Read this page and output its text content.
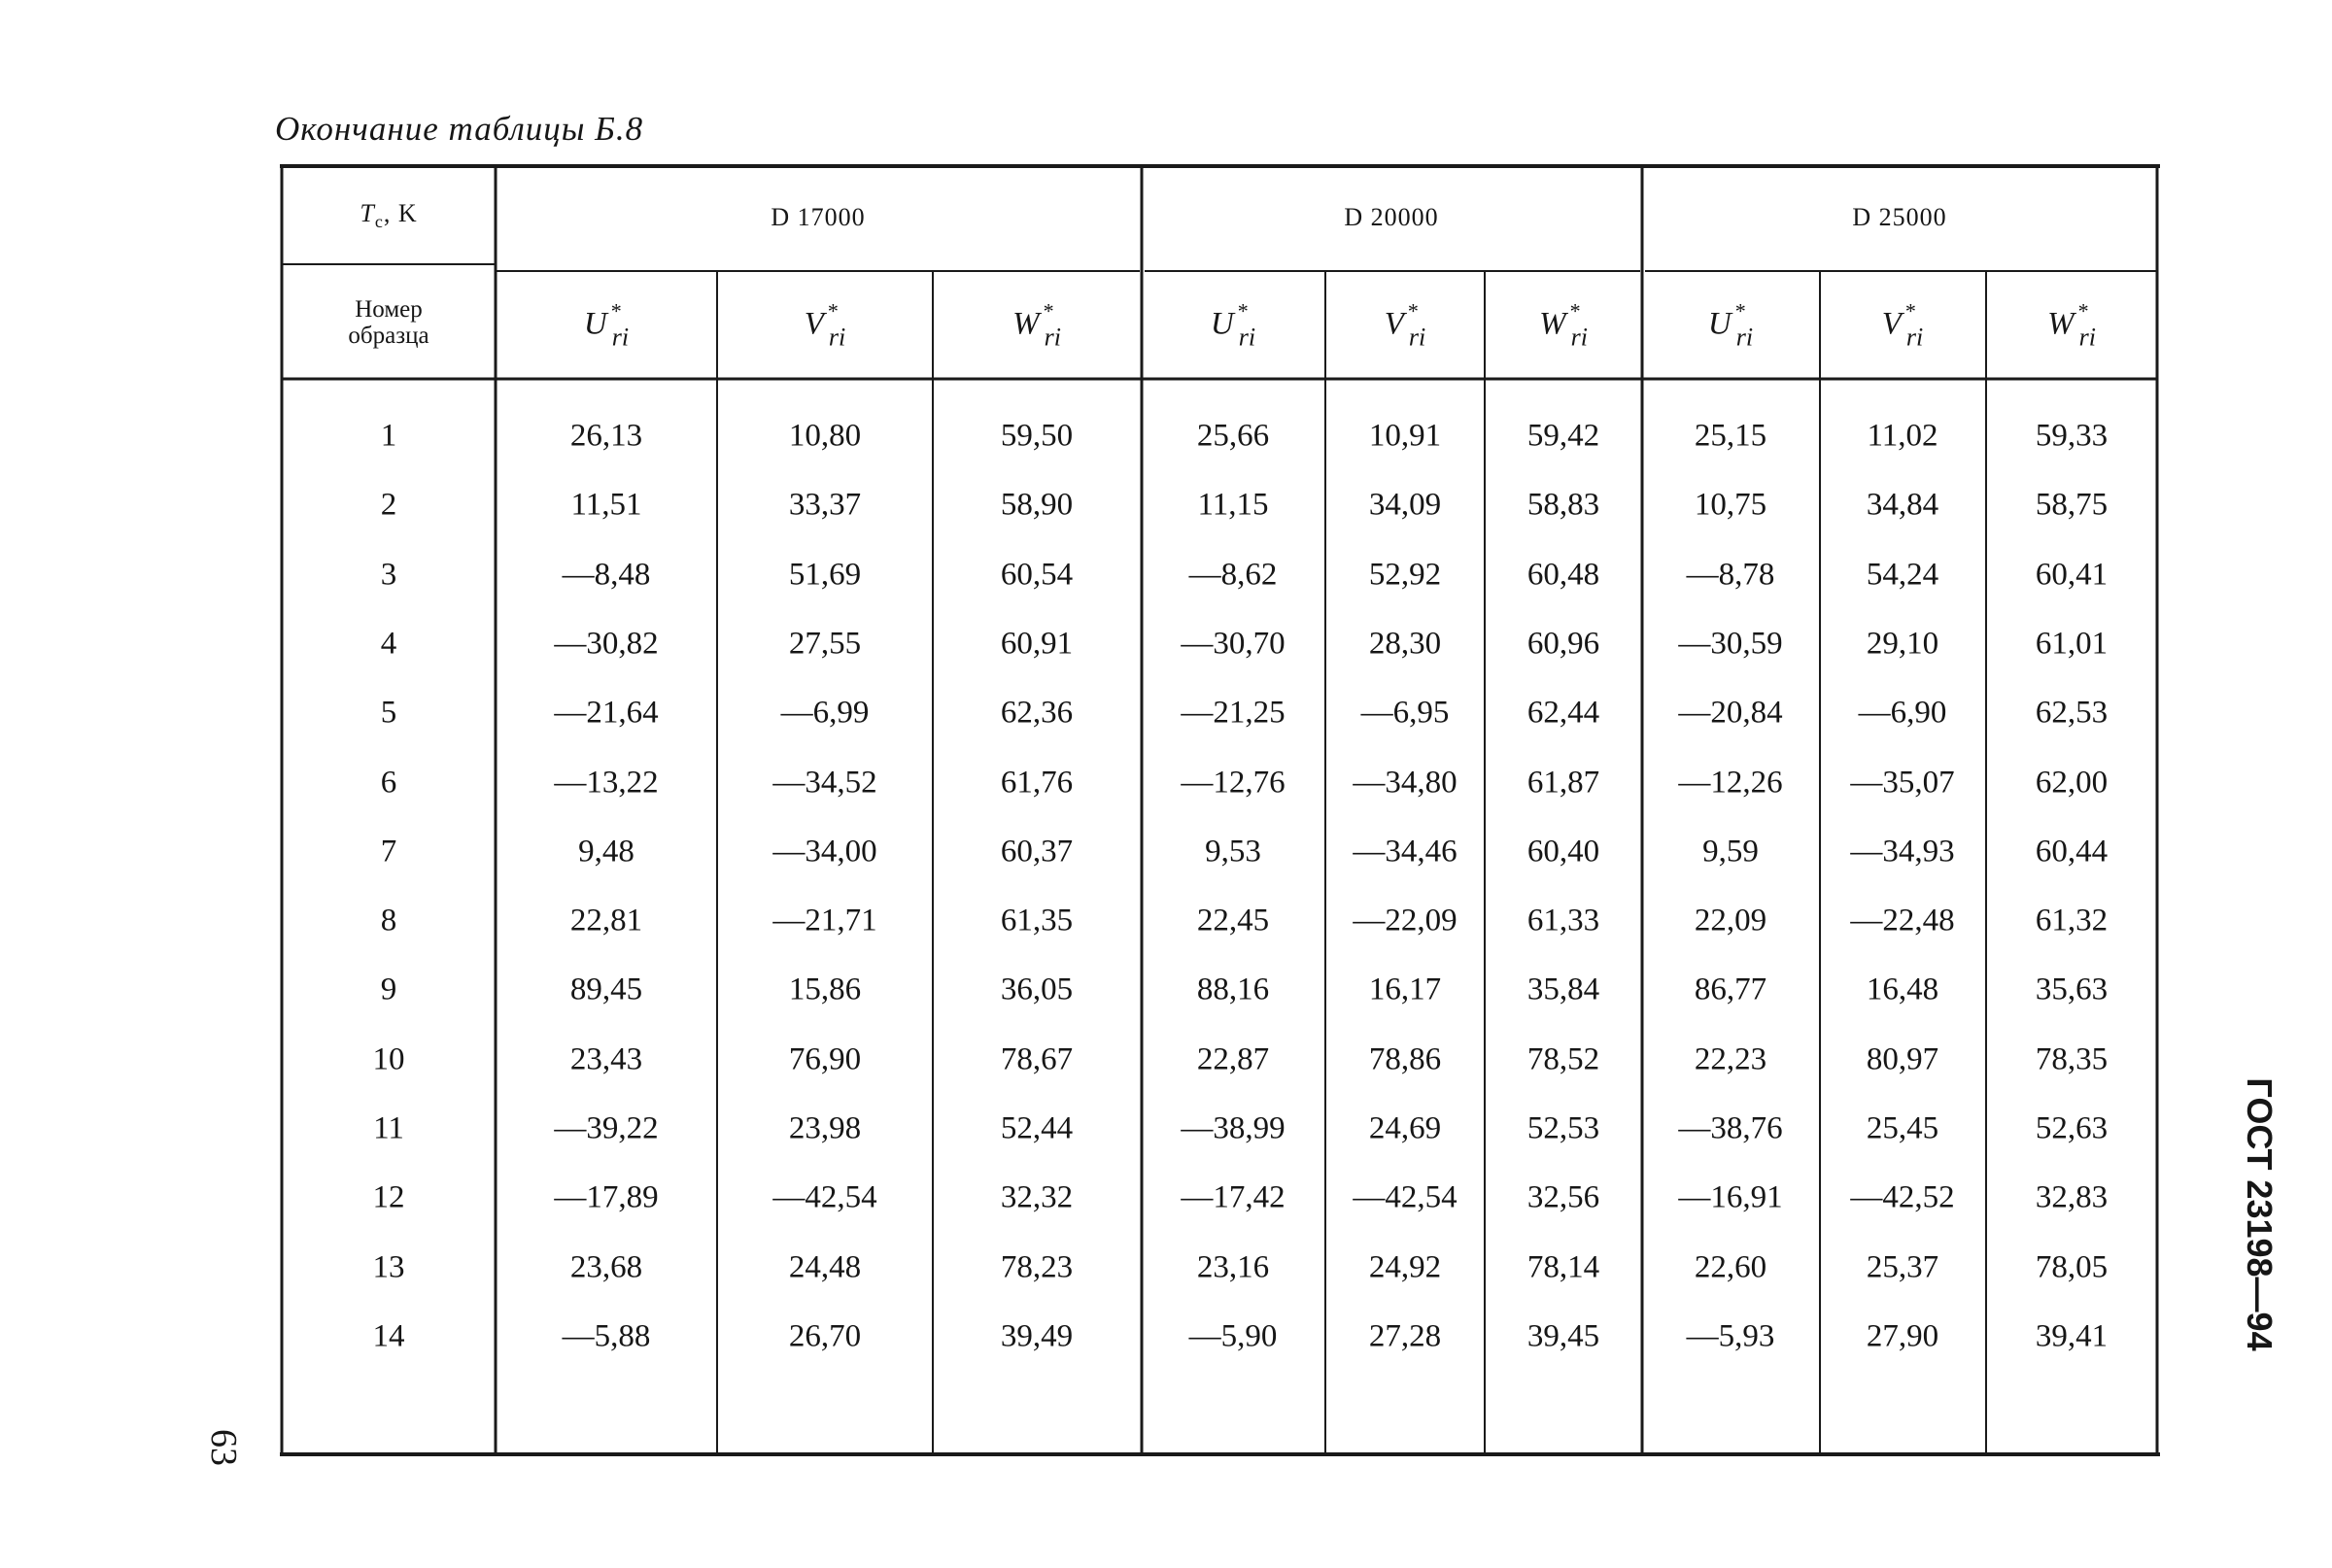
Окончание таблицы Б.8
$T_c$, K
Номер образца
D 17000	D 20000	D 25000
U *$_{ri}$	V *$_{ri}$	W *$_{ri}$	U *$_{ri}$	V *$_{ri}$	W *$_{ri}$	U *$_{ri}$	V *$_{ri}$	W *$_{ri}$
1	26,13	10,80	59,50	25,66	10,91	59,42	25,15	11,02	59,33
2	11,51	33,37	58,90	11,15	34,09	58,83	10,75	34,84	58,75
3	—8,48	51,69	60,54	—8,62	52,92	60,48	—8,78	54,24	60,41
4	—30,82	27,55	60,91	—30,70	28,30	60,96 —30,59	29,10	61,01
5	—21,64	—6,99	62,36	—21,25 —6,95 62,44 —20,84 —6,90	62,53
6	—13,22	—34,52	61,76	—12,76 —34,80 61,87 —12,26 —35,07	62,00
7	9,48	—34,00	60,37	9,53	—34,46 60,40	9,59	—34,93	60,44
8	22,81	—21,71	61,35	22,45	—22,09 61,33	22,09	—22,48	61,32
9	89,45	15,86	36,05	88,16	16,17	35,84	86,77	16,48	35,63
10	23,43	76,90	78,67	22,87	78,86	78,52	22,23	80,97	78,35
11	—39,22	23,98	52,44	—38,99	24,69	52,53 —38,76	25,45	52,63
12	—17,89	—42,54	32,32	—17,42 —42,54 32,56 —16,91 —42,52	32,83
13	23,68	24,48	78,23	23,16	24,92	78,14	22,60	25,37	78,05
14	—5,88	26,70	39,49	—5,90	27,28	39,45	—5,93	27,90	39,41	ГОСТ 23198—94
63
